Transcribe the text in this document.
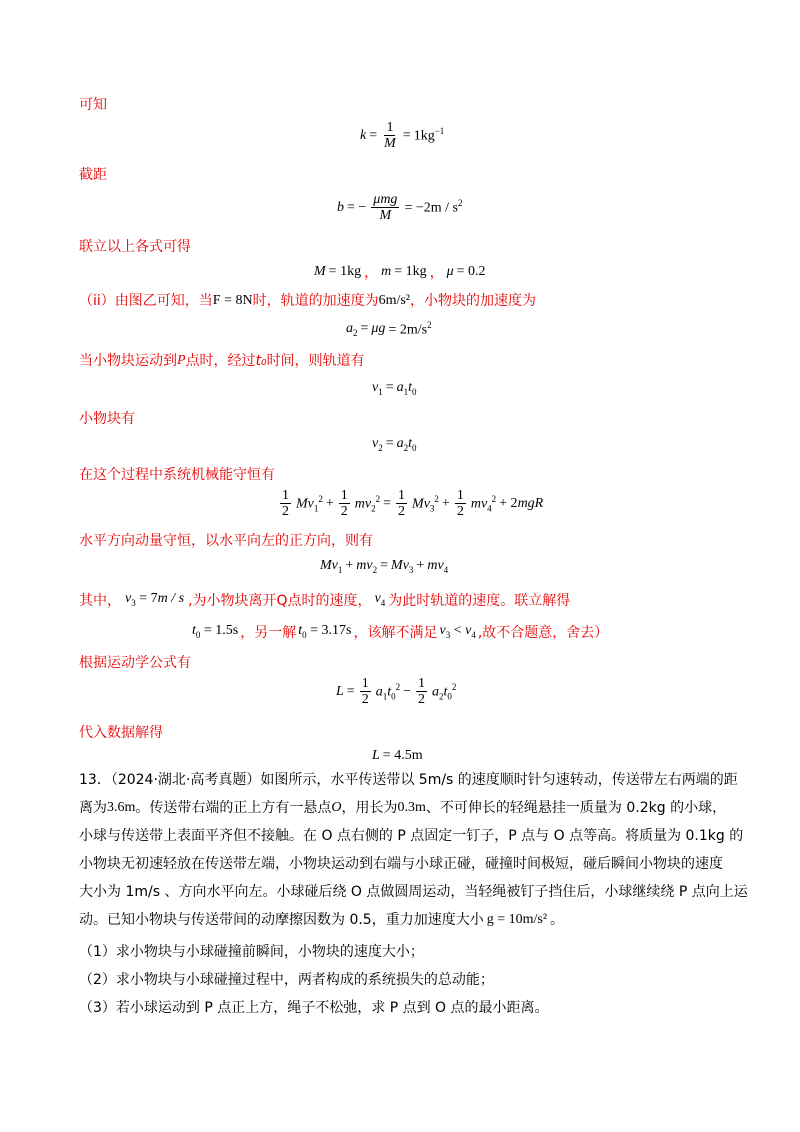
可知
$k = \frac{1}{M} = 1kg^{-1}$
截距
b = − $\frac{\text{μmg}}{M} = -2m / s^2$
联立以上各式可得
M = 1kg ， m = 1kg ， μ = 0.2
（ii）由图乙可知，当 F = 8N 时，轨道的加速度为 6m/s² ，小物块的加速度为
$a_2 = \mu g = 2m/s^2$
当小物块运动到 P 点时，经过 t₀ 时间，则轨道有
$v_1 = a_1t_0$
小物块有
$v_2 = a_2t_0$
在这个过程中系统机械能守恒有
$\frac{1}{2} Mv_1^2 + \frac{1}{2} mv_2^2 = \frac{1}{2} Mv_3^2 + \frac{1}{2} mv_4^2 + 2mgR$
水平方向动量守恒，以水平向左的正方向，则有
$Mv_1 + mv_2 = Mv_3 + mv_4$
其中， $v_3 = 7m / s$ ,为小物块离开Q点时的速度， $v_4$ 为此时轨道的速度。联立解得
$t_0 = 1.5s$ ，另一解 $t_0 = 3.17s$ ，该解不满足 $v_3 < v_4$ ,故不合题意，舍去）
根据运动学公式有
$L = \frac{1}{2} a_1t_0^2 - \frac{1}{2} a_2t_0^2$
代入数据解得
L = 4.5m
13．（2024·湖北·高考真题）如图所示，水平传送带以 5m/s 的速度顺时针匀速转动，传送带左右两端的距
离为 3.6m 。传送带右端的正上方有一悬点 O ，用长为 0.3m 、不可伸长的轻绳悬挂一质量为 0.2kg 的小球，
小球与传送带上表面平齐但不接触。在 O 点右侧的 P 点固定一钉子，P 点与 O 点等高。将质量为 0.1kg 的
小物块无初速轻放在传送带左端，小物块运动到右端与小球正碰，碰撞时间极短，碰后瞬间小物块的速度
大小为 1m/s 、方向水平向左。小球碰后绕 O 点做圆周运动，当轻绳被钉子挡住后，小球继续绕 P 点向上运
动。已知小物块与传送带间的动摩擦因数为 0.5，重力加速度大小 g = 10m/s² 。
（1）求小物块与小球碰撞前瞬间，小物块的速度大小；
（2）求小物块与小球碰撞过程中，两者构成的系统损失的总动能；
（3）若小球运动到 P 点正上方，绳子不松弛，求 P 点到 O 点的最小距离。
